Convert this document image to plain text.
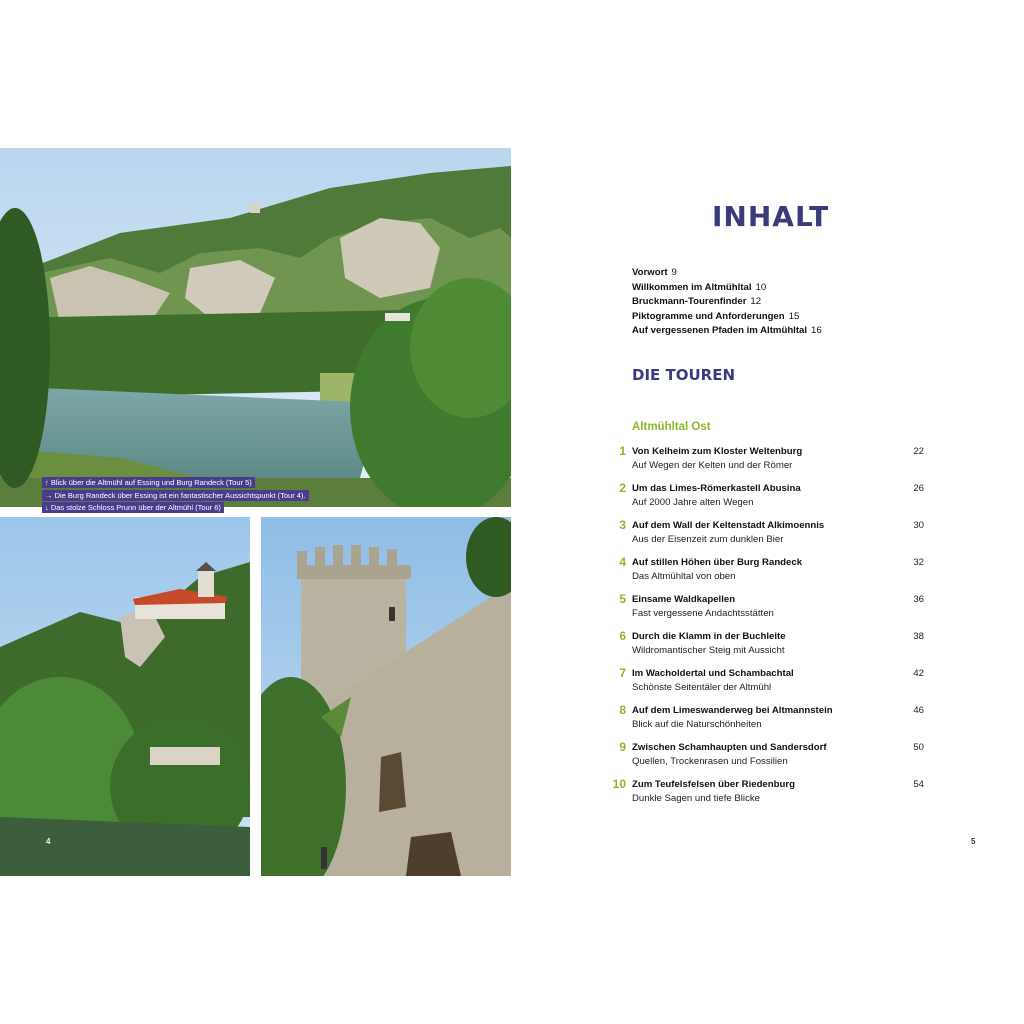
↑ Blick über die Altmühl auf Essing und Burg Randeck (Tour 5)
→ Die Burg Randeck über Essing ist ein fantastischer Aussichtspunkt (Tour 4).
↓ Das stolze Schloss Prunn über der Altmühl (Tour 6)
4
INHALT
Vorwort 9
Willkommen im Altmühltal 10
Bruckmann-Tourenfinder 12
Piktogramme und Anforderungen 15
Auf vergessenen Pfaden im Altmühltal 16
DIE TOUREN
Altmühltal Ost
1 Von Kelheim zum Kloster Weltenburg
Auf Wegen der Kelten und der Römer
22
2 Um das Limes-Römerkastell Abusina
Auf 2000 Jahre alten Wegen
26
3 Auf dem Wall der Keltenstadt Alkimoennis
Aus der Eisenzeit zum dunklen Bier
30
4 Auf stillen Höhen über Burg Randeck
Das Altmühltal von oben
32
5 Einsame Waldkapellen
Fast vergessene Andachtsstätten
36
6 Durch die Klamm in der Buchleite
Wildromantischer Steig mit Aussicht
38
7 Im Wacholdertal und Schambachtal
Schönste Seitentäler der Altmühl
42
8 Auf dem Limeswanderweg bei Altmannstein
Blick auf die Naturschönheiten
46
9 Zwischen Schamhaupten und Sandersdorf
Quellen, Trockenrasen und Fossilien
50
10 Zum Teufelsfelsen über Riedenburg
Dunkle Sagen und tiefe Blicke
54
5
